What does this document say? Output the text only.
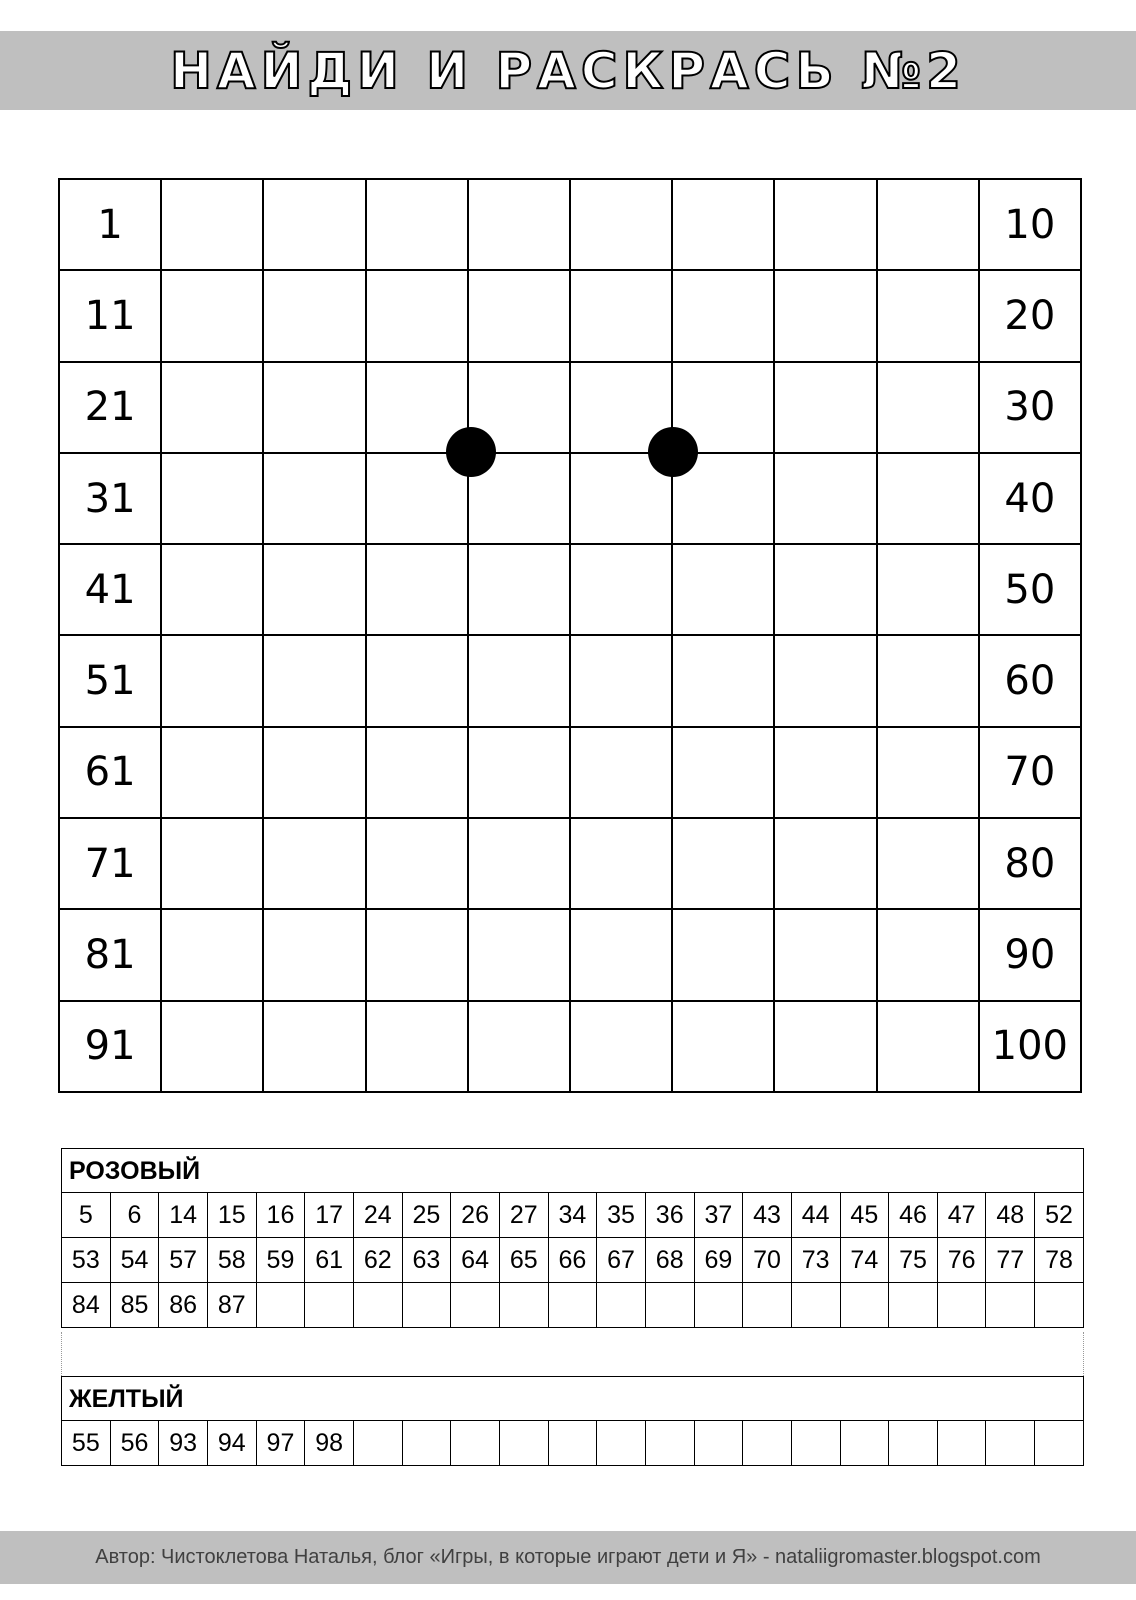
НАЙДИ И РАСКРАСЬ №2
1									10
11									20
21									30
31									40
41									50
51									60
61									70
71									80
81									90
91									100
РОЗОВЫЙ
5	6	14	15	16	17	24	25	26	27	34	35	36	37	43	44	45	46	47	48	52
53	54	57	58	59	61	62	63	64	65	66	67	68	69	70	73	74	75	76	77	78
84	85	86	87																	
ЖЕЛТЫЙ
55	56	93	94	97	98															
Автор: Чистоклетова Наталья, блог «Игры, в которые играют дети и Я» - nataliigromaster.blogspot.com
